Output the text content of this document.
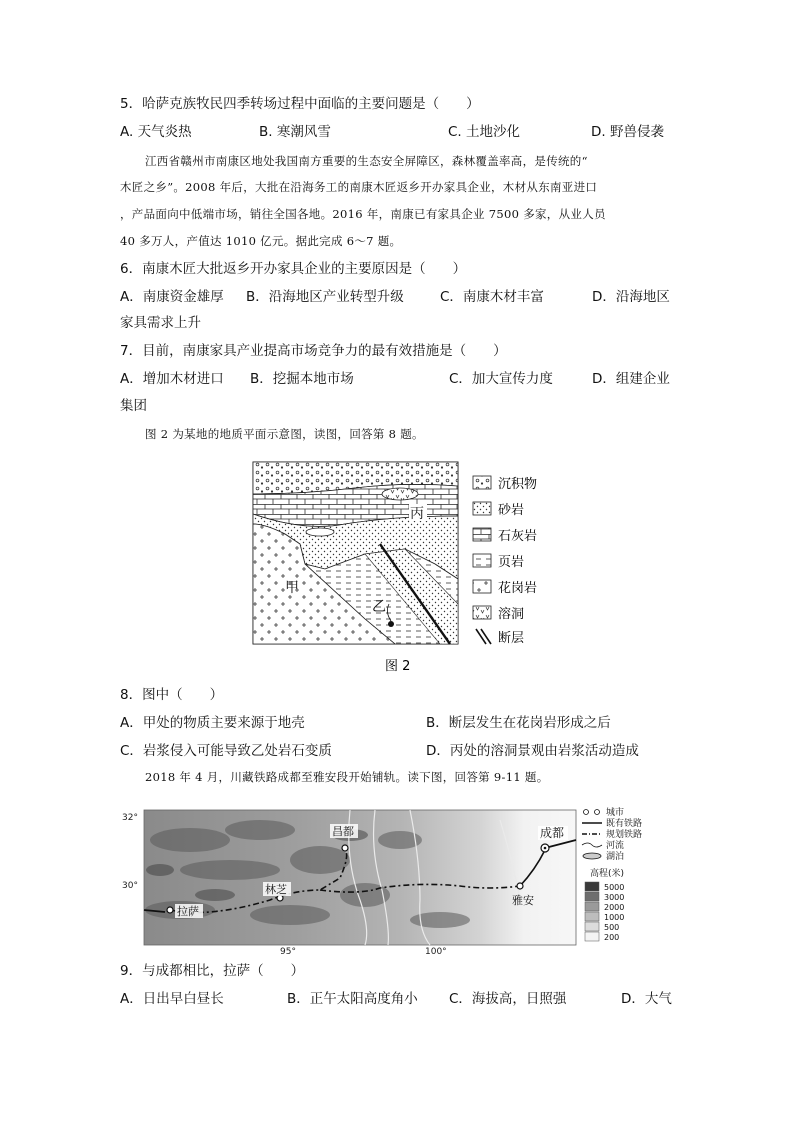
5．哈萨克族牧民四季转场过程中面临的主要问题是（　　）
A. 天气炎热	B. 寒潮风雪	C. 土地沙化	D. 野兽侵袭
江西省赣州市南康区地处我国南方重要的生态安全屏障区，森林覆盖率高，是传统的“
木匠之乡”。2008 年后，大批在沿海务工的南康木匠返乡开办家具企业，木材从东南亚进口
，产品面向中低端市场，销往全国各地。2016 年，南康已有家具企业 7500 多家，从业人员
40 多万人，产值达 1010 亿元。据此完成 6～7 题。
6．南康木匠大批返乡开办家具企业的主要原因是（　　）
A．南康资金雄厚 B．沿海地区产业转型升级	C．南康木材丰富	D．沿海地区
家具需求上升
7．目前，南康家具产业提高市场竞争力的最有效措施是（　　）
A．增加木材进口 B．挖掘本地市场	C．加大宣传力度	D．组建企业
集团
图 2 为某地的地质平面示意图，读图，回答第 8 题。
乙
甲
丙
沉积物
砂岩
石灰岩
页岩
花岗岩
溶洞
断层
图 2
8．图中（　　）
A．甲处的物质主要来源于地壳	B．断层发生在花岗岩形成之后
C．岩浆侵入可能导致乙处岩石变质	D．丙处的溶洞景观由岩浆活动造成
2018 年 4 月，川藏铁路成都至雅安段开始铺轨。读下图，回答第 9-11 题。
昌都	成都
林芝
拉萨
雅安
32°
30°
95°	100°
城市
既有铁路
规划铁路
河流
湖泊
高程(米)
5000
3000
2000
1000
500
200
9．与成都相比，拉萨（　　）
A．日出早白昼长	B．正午太阳高度角小 C．海拔高，日照强	D．大气
